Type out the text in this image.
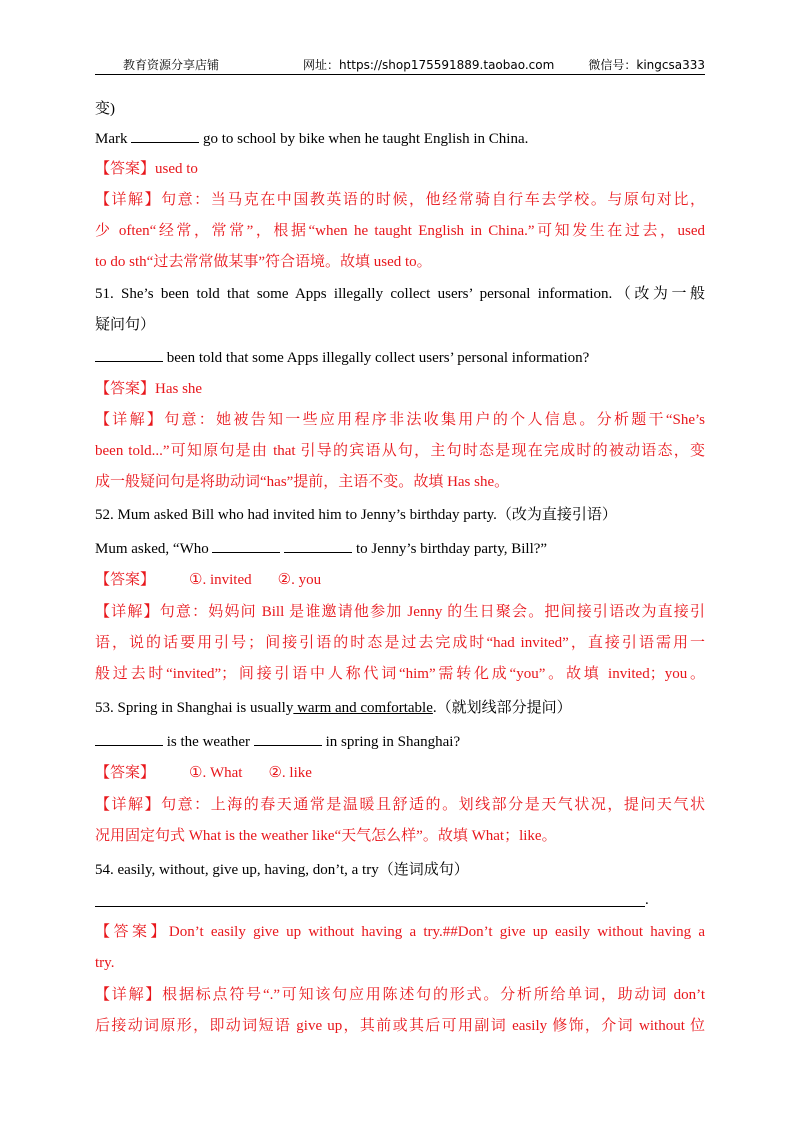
教育资源分享店铺	网址：https://shop175591889.taobao.com	微信号：kingcsa333
变)
Mark	go to school by bike when he taught English in China.
【答案】used to
【详解】句意：当马克在中国教英语的时候，他经常骑自行车去学校。与原句对比，
少 often“经常，常常”，根据“when he taught English in China.”可知发生在过去，used
to do sth“过去常常做某事”符合语境。故填 used to。
51. She’s been told that some Apps illegally collect users’ personal information.（改为一般
疑问句）
been told that some Apps illegally collect users’ personal information?
【答案】Has she
【详解】句意：她被告知一些应用程序非法收集用户的个人信息。分析题干“She’s
been told...”可知原句是由 that 引导的宾语从句，主句时态是现在完成时的被动语态，变
成一般疑问句是将助动词“has”提前，主语不变。故填 Has she。
52. Mum asked Bill who had invited him to Jenny’s birthday party.（改为直接引语）
Mum asked, “Who	to Jenny’s birthday party, Bill?”
【答案】 ①. invited ②. you
【详解】句意：妈妈问 Bill 是谁邀请他参加 Jenny 的生日聚会。把间接引语改为直接引
语，说的话要用引号；间接引语的时态是过去完成时“had invited”，直接引语需用一
般过去时“invited”；间接引语中人称代词“him”需转化成“you”。故填 invited；you。
53. Spring in Shanghai is usually warm and comfortable.（就划线部分提问）
is the weather	in spring in Shanghai?
【答案】 ①. What ②. like
【详解】句意：上海的春天通常是温暖且舒适的。划线部分是天气状况，提问天气状
况用固定句式 What is the weather like“天气怎么样”。故填 What；like。
54. easily, without, give up, having, don’t, a try（连词成句）
.
【答案】Don’t easily give up without having a try.##Don’t give up easily without having a
try.
【详解】根据标点符号“.”可知该句应用陈述句的形式。分析所给单词，助动词 don’t
后接动词原形，即动词短语 give up，其前或其后可用副词 easily 修饰，介词 without 位
